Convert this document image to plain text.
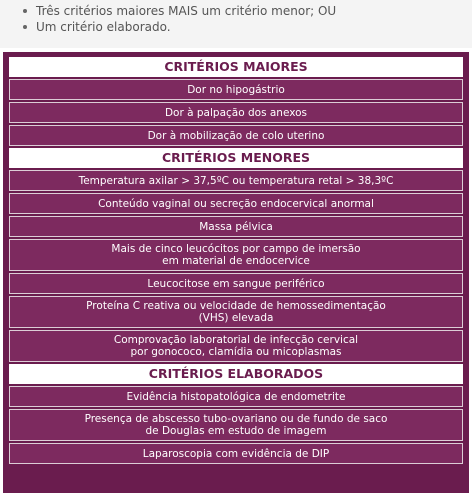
Três critérios maiores MAIS um critério menor; OU
Um critério elaborado.
CRITÉRIOS MAIORES
Dor no hipogástrio
Dor à palpação dos anexos
Dor à mobilização de colo uterino
CRITÉRIOS MENORES
Temperatura axilar > 37,5ºC ou temperatura retal > 38,3ºC
Conteúdo vaginal ou secreção endocervical anormal
Massa pélvica
Mais de cinco leucócitos por campo de imersão
em material de endocervice
Leucocitose em sangue periférico
Proteína C reativa ou velocidade de hemossedimentação
(VHS) elevada
Comprovação laboratorial de infecção cervical
por gonococo, clamídia ou micoplasmas
CRITÉRIOS ELABORADOS
Evidência histopatológica de endometrite
Presença de abscesso tubo-ovariano ou de fundo de saco
de Douglas em estudo de imagem
Laparoscopia com evidência de DIP
